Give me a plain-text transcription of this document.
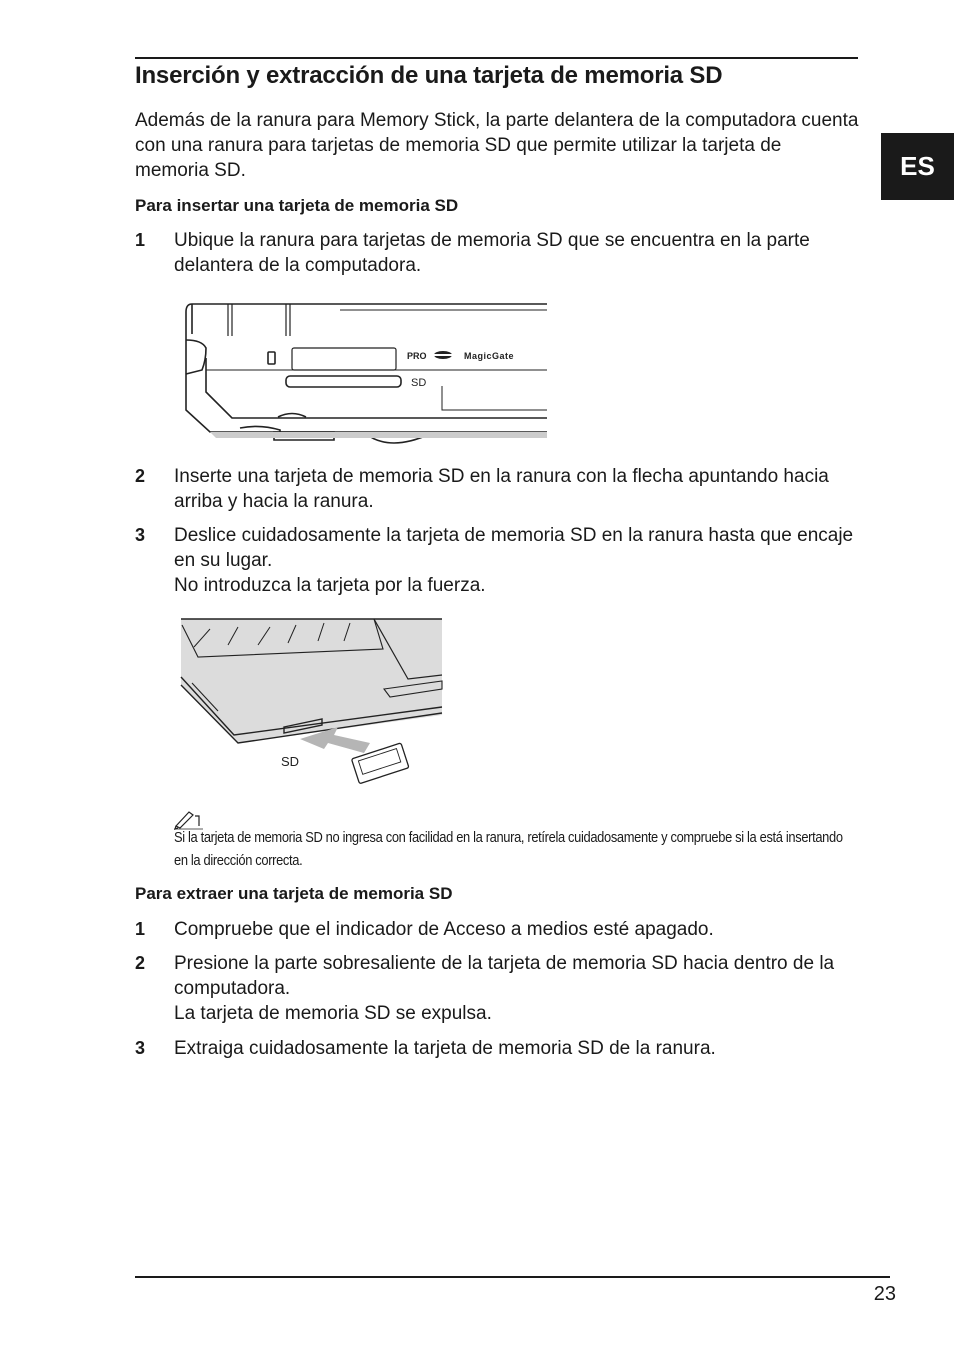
Inserción y extracción de una tarjeta de memoria SD
ES
Además de la ranura para Memory Stick, la parte delantera de la computadora cuenta con una ranura para tarjetas de memoria SD que permite utilizar la tarjeta de memoria SD.
Para insertar una tarjeta de memoria SD
1	Ubique la ranura para tarjetas de memoria SD que se encuentra en la parte delantera de la computadora.
PRO	MagicGate
SD
2	Inserte una tarjeta de memoria SD en la ranura con la flecha apuntando hacia arriba y hacia la ranura.
3	Deslice cuidadosamente la tarjeta de memoria SD en la ranura hasta que encaje en su lugar.
No introduzca la tarjeta por la fuerza.
SD
Si la tarjeta de memoria SD no ingresa con facilidad en la ranura, retírela cuidadosamente y compruebe si la está insertando en la dirección correcta.
Para extraer una tarjeta de memoria SD
1	Compruebe que el indicador de Acceso a medios esté apagado.
2	Presione la parte sobresaliente de la tarjeta de memoria SD hacia dentro de la computadora.
La tarjeta de memoria SD se expulsa.
3	Extraiga cuidadosamente la tarjeta de memoria SD de la ranura.
23
